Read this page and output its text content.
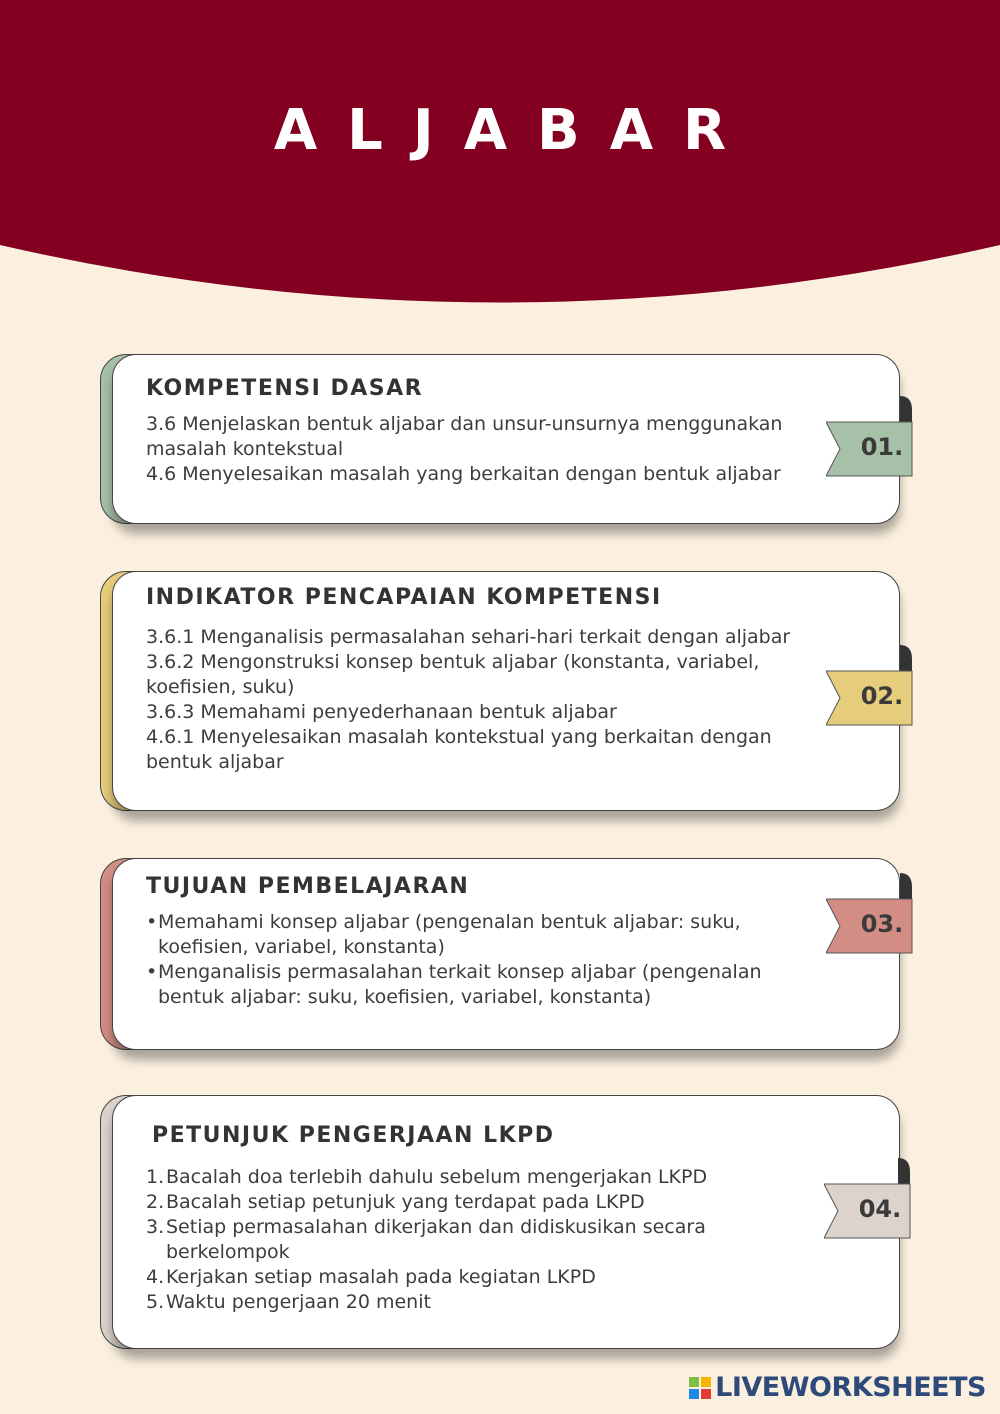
ALJABAR
KOMPETENSI DASAR

3.6 Menjelaskan bentuk aljabar dan unsur-unsurnya menggunakan masalah kontekstual

4.6 Menyelesaikan masalah yang berkaitan dengan bentuk aljabar

01.
INDIKATOR PENCAPAIAN KOMPETENSI

3.6.1 Menganalisis permasalahan sehari-hari terkait dengan aljabar

3.6.2 Mengonstruksi konsep bentuk aljabar (konstanta, variabel, koefisien, suku)

3.6.3 Memahami penyederhanaan bentuk aljabar

4.6.1 Menyelesaikan masalah kontekstual yang berkaitan dengan bentuk aljabar

02.
TUJUAN PEMBELAJARAN
• Memahami konsep aljabar (pengenalan bentuk aljabar: suku, koefisien, variabel, konstanta)
• Menganalisis permasalahan terkait konsep aljabar (pengenalan bentuk aljabar: suku, koefisien, variabel, konstanta)
03.
PETUNJUK PENGERJAAN LKPD
1. Bacalah doa terlebih dahulu sebelum mengerjakan LKPD
2. Bacalah setiap petunjuk yang terdapat pada LKPD
3. Setiap permasalahan dikerjakan dan didiskusikan secara berkelompok
4. Kerjakan setiap masalah pada kegiatan LKPD
5. Waktu pengerjaan 20 menit
04.
LIVEWORKSHEETS
